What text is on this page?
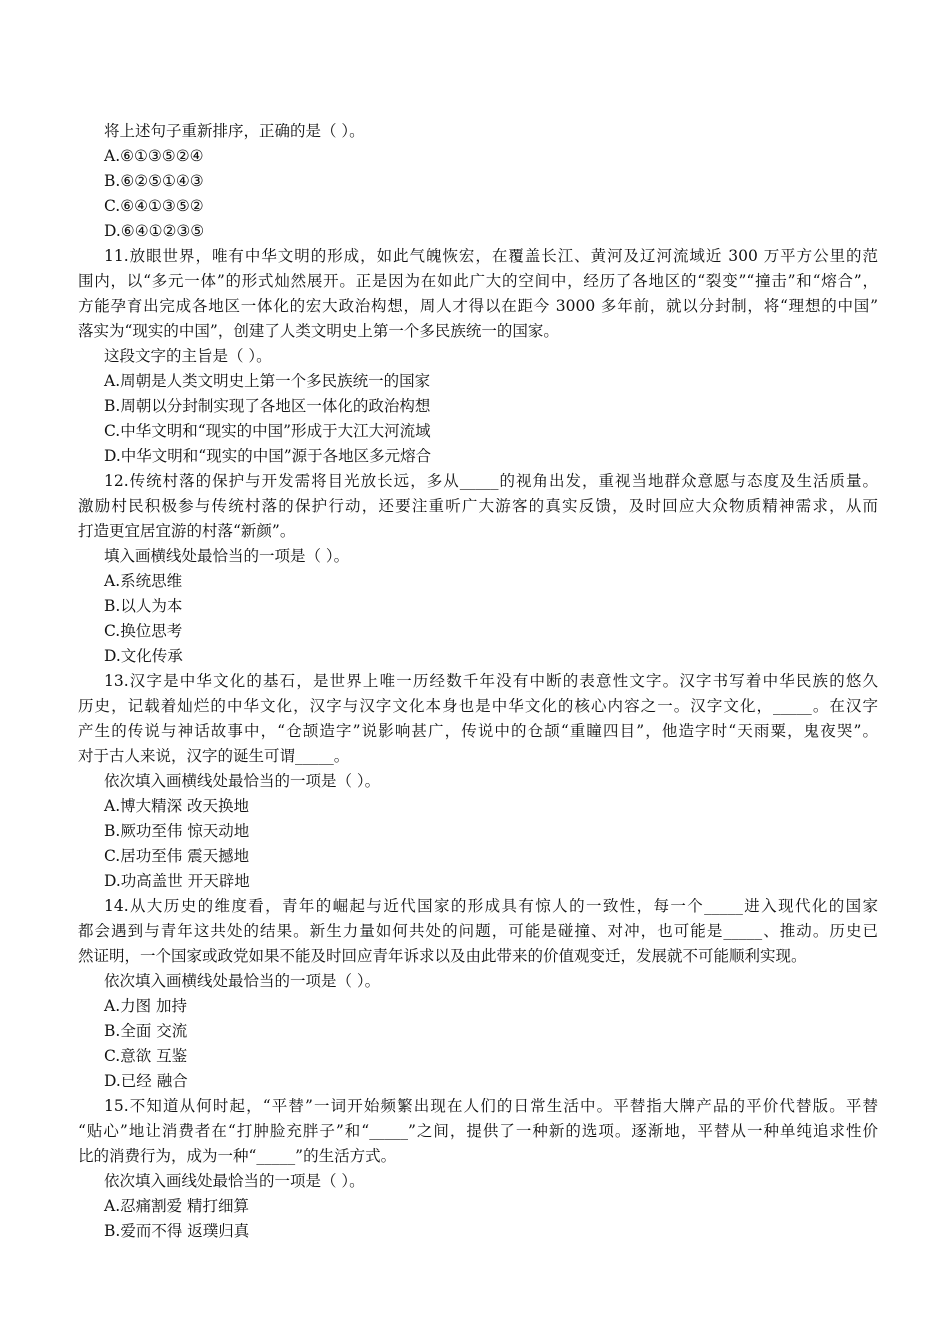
将上述句子重新排序，正确的是（ ）。

A.⑥①③⑤②④

B.⑥②⑤①④③

C.⑥④①③⑤②

D.⑥④①②③⑤

11.放眼世界，唯有中华文明的形成，如此气魄恢宏，在覆盖长江、黄河及辽河流域近 300 万平方公里的范

围内，以“多元一体”的形式灿然展开。正是因为在如此广大的空间中，经历了各地区的“裂变”“撞击”和“熔合”，

方能孕育出完成各地区一体化的宏大政治构想，周人才得以在距今 3000 多年前，就以分封制，将“理想的中国”

落实为“现实的中国”，创建了人类文明史上第一个多民族统一的国家。

这段文字的主旨是（ ）。

A.周朝是人类文明史上第一个多民族统一的国家

B.周朝以分封制实现了各地区一体化的政治构想

C.中华文明和“现实的中国”形成于大江大河流域

D.中华文明和“现实的中国”源于各地区多元熔合

12.传统村落的保护与开发需将目光放长远，多从_____的视角出发，重视当地群众意愿与态度及生活质量。

激励村民积极参与传统村落的保护行动，还要注重听广大游客的真实反馈，及时回应大众物质精神需求，从而

打造更宜居宜游的村落“新颜”。

填入画横线处最恰当的一项是（ ）。

A.系统思维

B.以人为本

C.换位思考

D.文化传承

13.汉字是中华文化的基石，是世界上唯一历经数千年没有中断的表意性文字。汉字书写着中华民族的悠久

历史，记载着灿烂的中华文化，汉字与汉字文化本身也是中华文化的核心内容之一。汉字文化，_____。在汉字

产生的传说与神话故事中，“仓颉造字”说影响甚广，传说中的仓颉“重瞳四目”，他造字时“天雨粟，鬼夜哭”。

对于古人来说，汉字的诞生可谓_____。

依次填入画横线处最恰当的一项是（ ）。

A.博大精深 改天换地

B.厥功至伟 惊天动地

C.居功至伟 震天撼地

D.功高盖世 开天辟地

14.从大历史的维度看，青年的崛起与近代国家的形成具有惊人的一致性，每一个_____进入现代化的国家

都会遇到与青年这共处的结果。新生力量如何共处的问题，可能是碰撞、对冲，也可能是_____、推动。历史已

然证明，一个国家或政党如果不能及时回应青年诉求以及由此带来的价值观变迁，发展就不可能顺利实现。

依次填入画横线处最恰当的一项是（ ）。

A.力图 加持

B.全面 交流

C.意欲 互鉴

D.已经 融合

15.不知道从何时起，“平替”一词开始频繁出现在人们的日常生活中。平替指大牌产品的平价代替版。平替

“贴心”地让消费者在“打肿脸充胖子”和“_____”之间，提供了一种新的选项。逐渐地，平替从一种单纯追求性价

比的消费行为，成为一种“_____”的生活方式。

依次填入画线处最恰当的一项是（ ）。

A.忍痛割爱 精打细算

B.爱而不得 返璞归真
